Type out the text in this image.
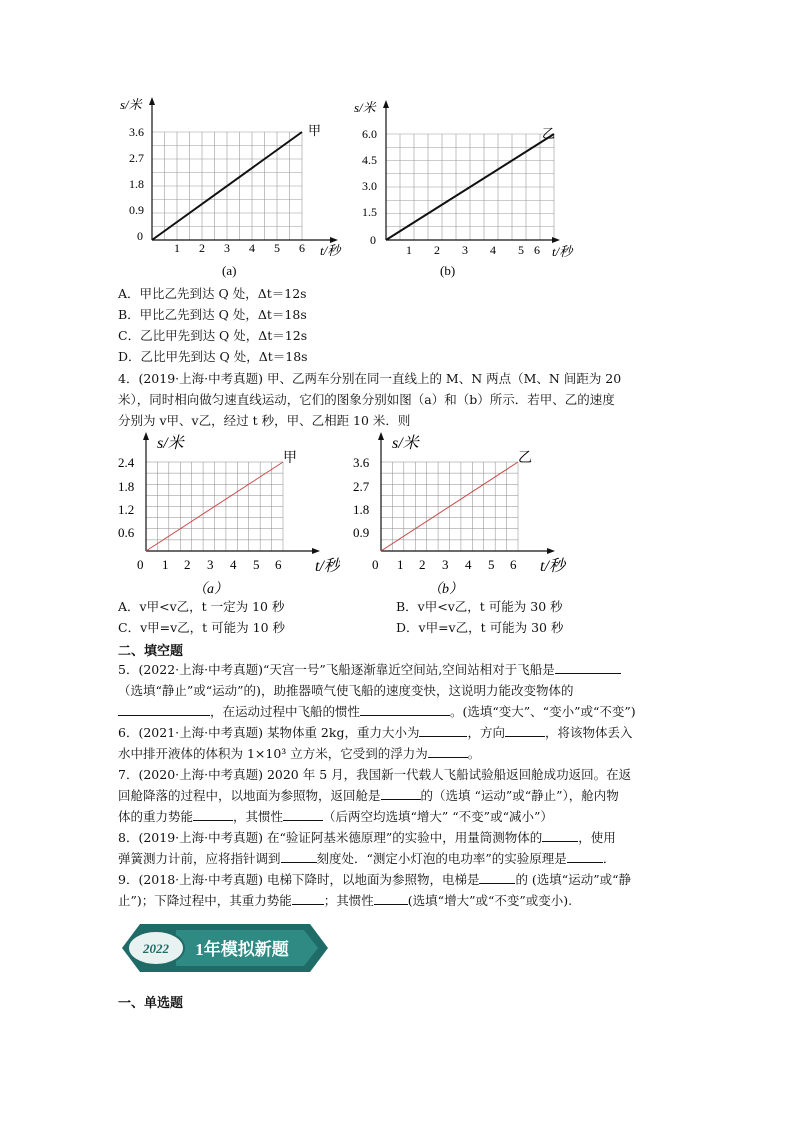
s/米
t/秒
甲
3.6
2.7
1.8
0.9
0
1 2 3 4 5 6
(a)
s/米
t/秒
乙
6.0
4.5
3.0
1.5
0
1 2 3 4 5 6
(b)
A．甲比乙先到达 Q 处，Δt＝12s
B．甲比乙先到达 Q 处，Δt＝18s
C．乙比甲先到达 Q 处，Δt＝12s
D．乙比甲先到达 Q 处，Δt＝18s
4．(2019·上海·中考真题) 甲、乙两车分别在同一直线上的 M、N 两点（M、N 间距为 20
米），同时相向做匀速直线运动，它们的图象分别如图（a）和（b）所示．若甲、乙的速度
分别为 v甲、v乙，经过 t 秒，甲、乙相距 10 米．则
s/米
t/秒
甲
2.4
1.8
1.2
0.6
0 1 2 3 4 5 6
（a）
s/米
t/秒
乙
3.6
2.7
1.8
0.9
0 1 2 3 4 5 6
（b）
A．v甲<v乙，t 一定为 10 秒	B．v甲<v乙，t 可能为 30 秒
C．v甲=v乙，t 可能为 10 秒	D．v甲=v乙，t 可能为 30 秒
二、填空题
5．(2022·上海·中考真题)“天宫一号”飞船逐渐靠近空间站,空间站相对于飞船是
（选填“静止”或“运动”的)，助推器喷气使飞船的速度变快，这说明力能改变物体的
，在运动过程中飞船的惯性	。(选填“变大”、“变小”或“不变”)
6．(2021·上海·中考真题) 某物体重 2kg，重力大小为	，方向	，将该物体丢入
水中排开液体的体积为 1×10³ 立方米，它受到的浮力为	。
7．(2020·上海·中考真题) 2020 年 5 月，我国新一代载人飞船试验船返回舱成功返回。在返
回舱降落的过程中，以地面为参照物，返回舱是	的（选填 “运动”或“静止”），舱内物
体的重力势能	，其惯性	（后两空均选填“增大” “不变”或“减小”）
8．(2019·上海·中考真题) 在“验证阿基米德原理”的实验中，用量筒测物体的	，使用
弹簧测力计前，应将指针调到	刻度处．“测定小灯泡的电功率”的实验原理是	．
9．(2018·上海·中考真题) 电梯下降时，以地面为参照物，电梯是	的 (选填“运动”或“静
止”)；下降过程中，其重力势能	；其惯性	(选填“增大”或“不变”或变小).
2022 1年模拟新题
一、单选题
